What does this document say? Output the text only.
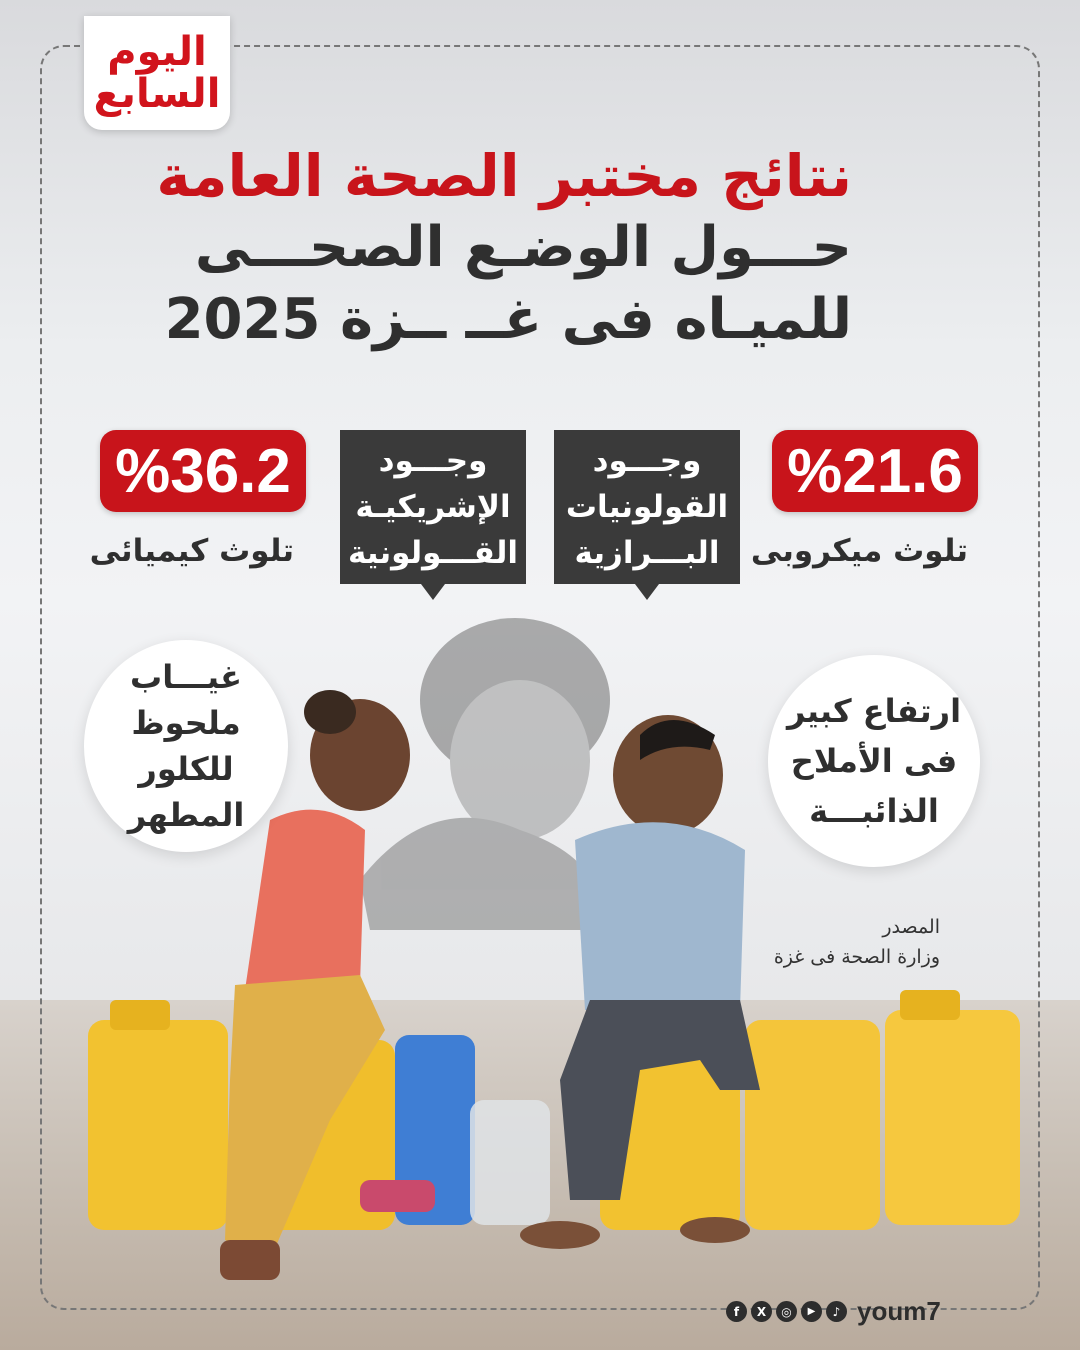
اليوم
السابع
نتائج مختبر الصحة العامة
حـــول الوضـع الصحـــى
للميـاه فى غــ ــزة 2025
%21.6
تلوث ميكروبى
%36.2
تلوث كيميائى
وجـــود
القولونيات
البـــرازية
وجـــود
الإشريكيـة
القـــولونية
ارتفاع كبير
فى الأملاح
الذائبـــة
غيـــاب
ملحوظ
للكلور
المطهر
المصدر
وزارة الصحة فى غزة
f	X	◎	▶	♪ youm7
